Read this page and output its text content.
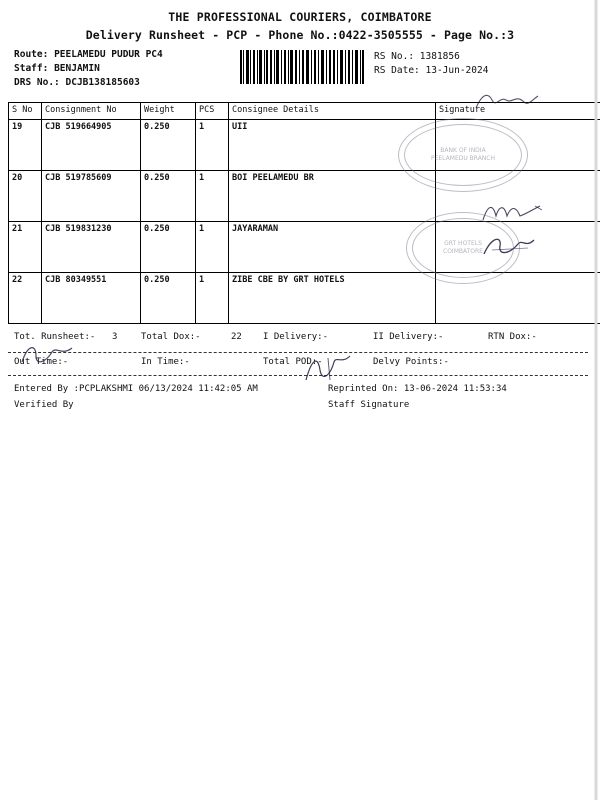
THE PROFESSIONAL COURIERS, COIMBATORE
Delivery Runsheet - PCP - Phone No.:0422-3505555 - Page No.:3
Route: PEELAMEDU PUDUR PC4
Staff: BENJAMIN
DRS No.: DCJB138185603
RS No.: 1381856
RS Date: 13-Jun-2024
S No	Consignment No	Weight	PCS	Consignee Details	Signature
19	CJB 519664905	0.250	1	UII	
20	CJB 519785609	0.250	1	BOI PEELAMEDU BR	
21	CJB 519831230	0.250	1	JAYARAMAN	
22	CJB 80349551	0.250	1	ZIBE CBE BY GRT HOTELS	
Tot. Runsheet:- 3	Total Dox:-	22 I Delivery:-	II Delivery:-	RTN Dox:-
Out Time:-	In Time:-	Total POD:-	Delvy Points:-
Entered By :PCPLAKSHMI 06/13/2024 11:42:05 AM	Reprinted On: 13-06-2024 11:53:34
Verified By	Staff Signature
BANK OF INDIA
PEELAMEDU BRANCH
GRT HOTELS
COIMBATORE
